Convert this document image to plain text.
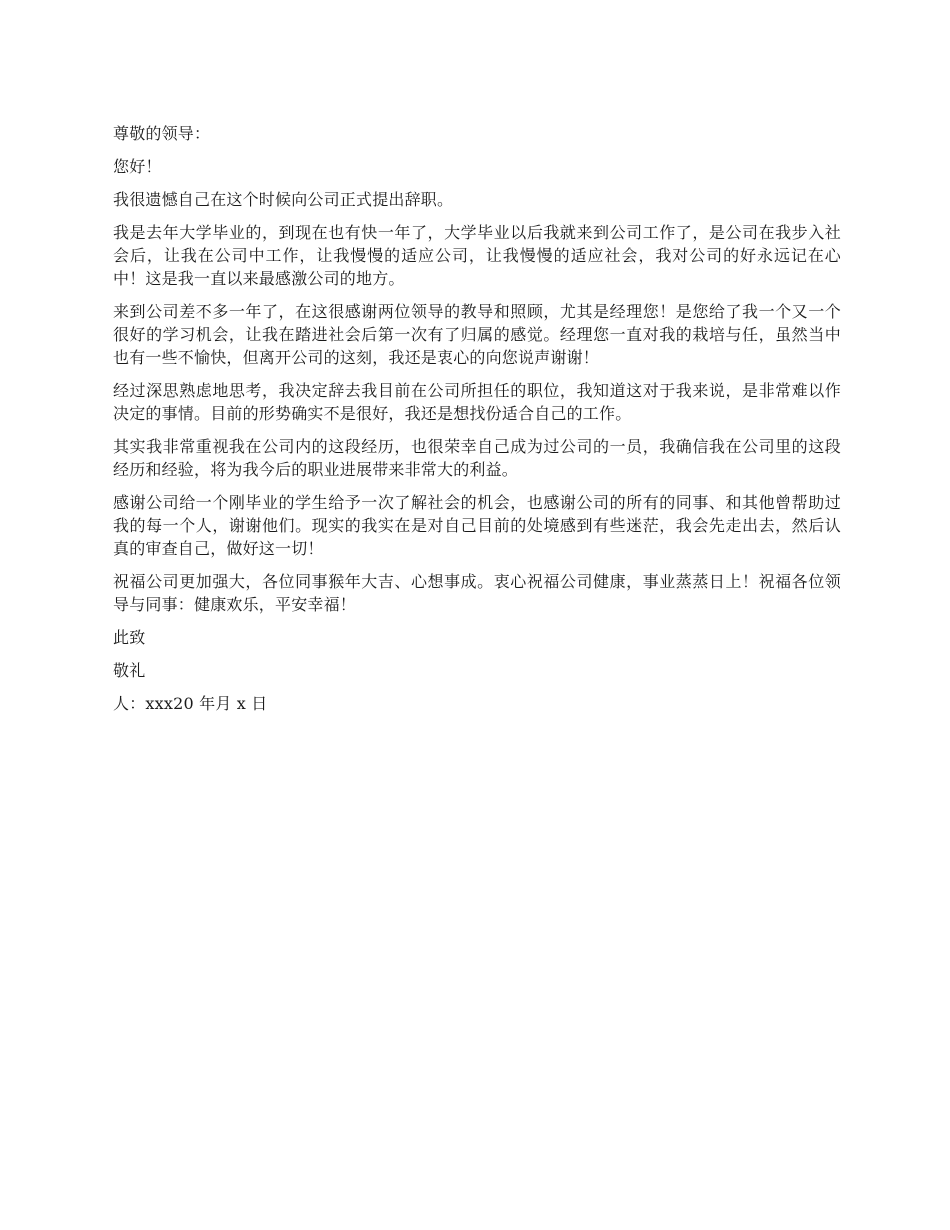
尊敬的领导：

您好！

我很遗憾自己在这个时候向公司正式提出辞职。

我是去年大学毕业的，到现在也有快一年了，大学毕业以后我就来到公司工作了，是公司在我步入社会后，让我在公司中工作，让我慢慢的适应公司，让我慢慢的适应社会，我对公司的好永远记在心中！这是我一直以来最感激公司的地方。

来到公司差不多一年了，在这很感谢两位领导的教导和照顾，尤其是经理您！是您给了我一个又一个很好的学习机会，让我在踏进社会后第一次有了归属的感觉。经理您一直对我的栽培与任，虽然当中也有一些不愉快，但离开公司的这刻，我还是衷心的向您说声谢谢！

经过深思熟虑地思考，我决定辞去我目前在公司所担任的职位，我知道这对于我来说，是非常难以作决定的事情。目前的形势确实不是很好，我还是想找份适合自己的工作。

其实我非常重视我在公司内的这段经历，也很荣幸自己成为过公司的一员，我确信我在公司里的这段经历和经验，将为我今后的职业进展带来非常大的利益。

感谢公司给一个刚毕业的学生给予一次了解社会的机会，也感谢公司的所有的同事、和其他曾帮助过我的每一个人，谢谢他们。现实的我实在是对自己目前的处境感到有些迷茫，我会先走出去，然后认真的审查自己，做好这一切！

祝福公司更加强大，各位同事猴年大吉、心想事成。衷心祝福公司健康，事业蒸蒸日上！祝福各位领导与同事：健康欢乐，平安幸福！

此致

敬礼

人：xxx20 年月 x 日
